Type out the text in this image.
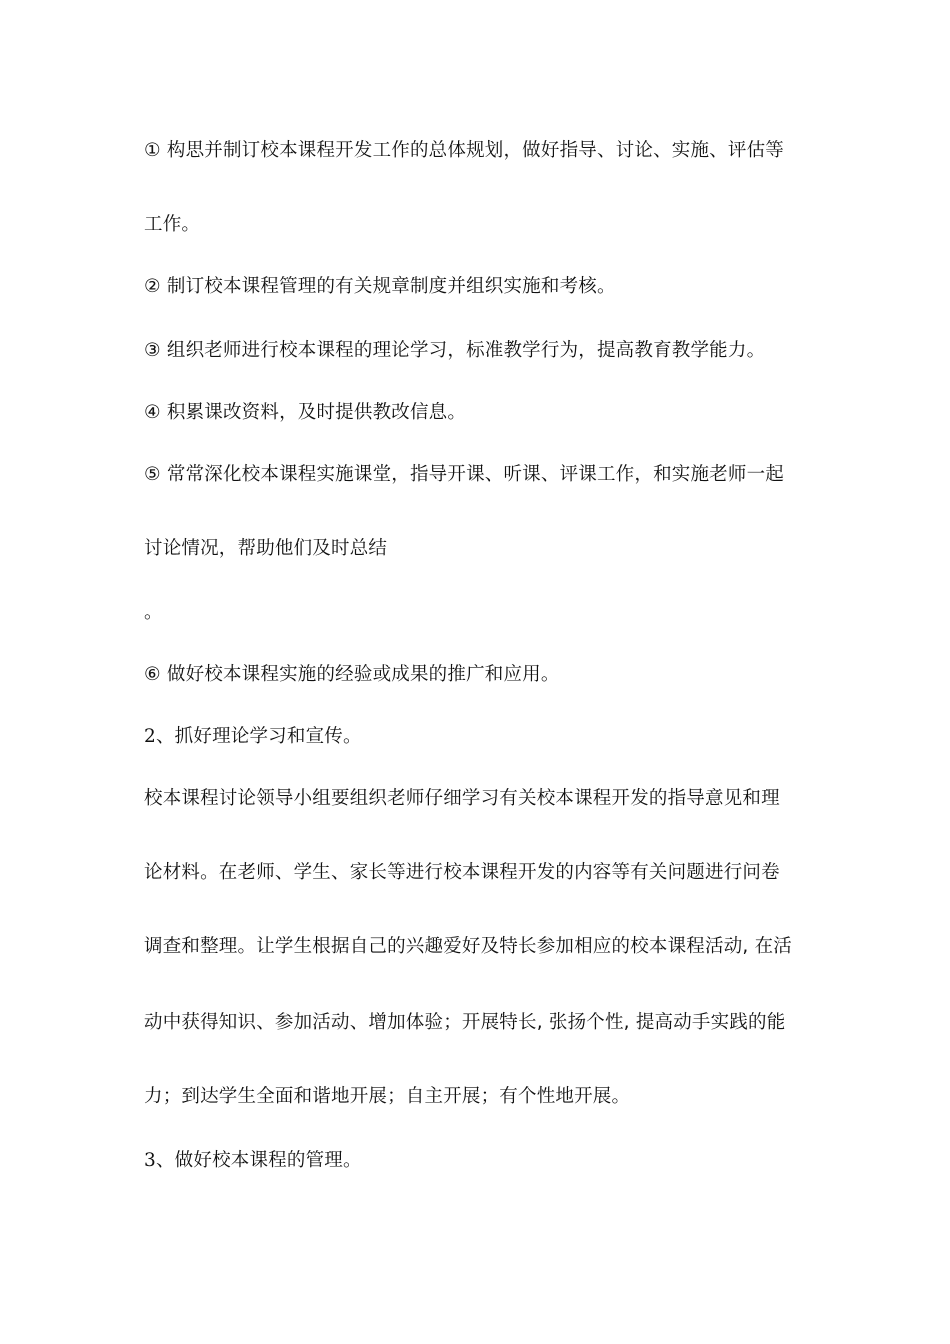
① 构思并制订校本课程开发工作的总体规划，做好指导、讨论、实施、评估等
工作。
② 制订校本课程管理的有关规章制度并组织实施和考核。
③ 组织老师进行校本课程的理论学习，标准教学行为，提高教育教学能力。
④ 积累课改资料，及时提供教改信息。
⑤ 常常深化校本课程实施课堂，指导开课、听课、评课工作，和实施老师一起
讨论情况，帮助他们及时总结
。
⑥ 做好校本课程实施的经验或成果的推广和应用。
2、抓好理论学习和宣传。
校本课程讨论领导小组要组织老师仔细学习有关校本课程开发的指导意见和理
论材料。在老师、学生、家长等进行校本课程开发的内容等有关问题进行问卷
调查和整理。让学生根据自己的兴趣爱好及特长参加相应的校本课程活动, 在活
动中获得知识、参加活动、增加体验；开展特长, 张扬个性, 提高动手实践的能
力；到达学生全面和谐地开展；自主开展；有个性地开展。
3、做好校本课程的管理。
